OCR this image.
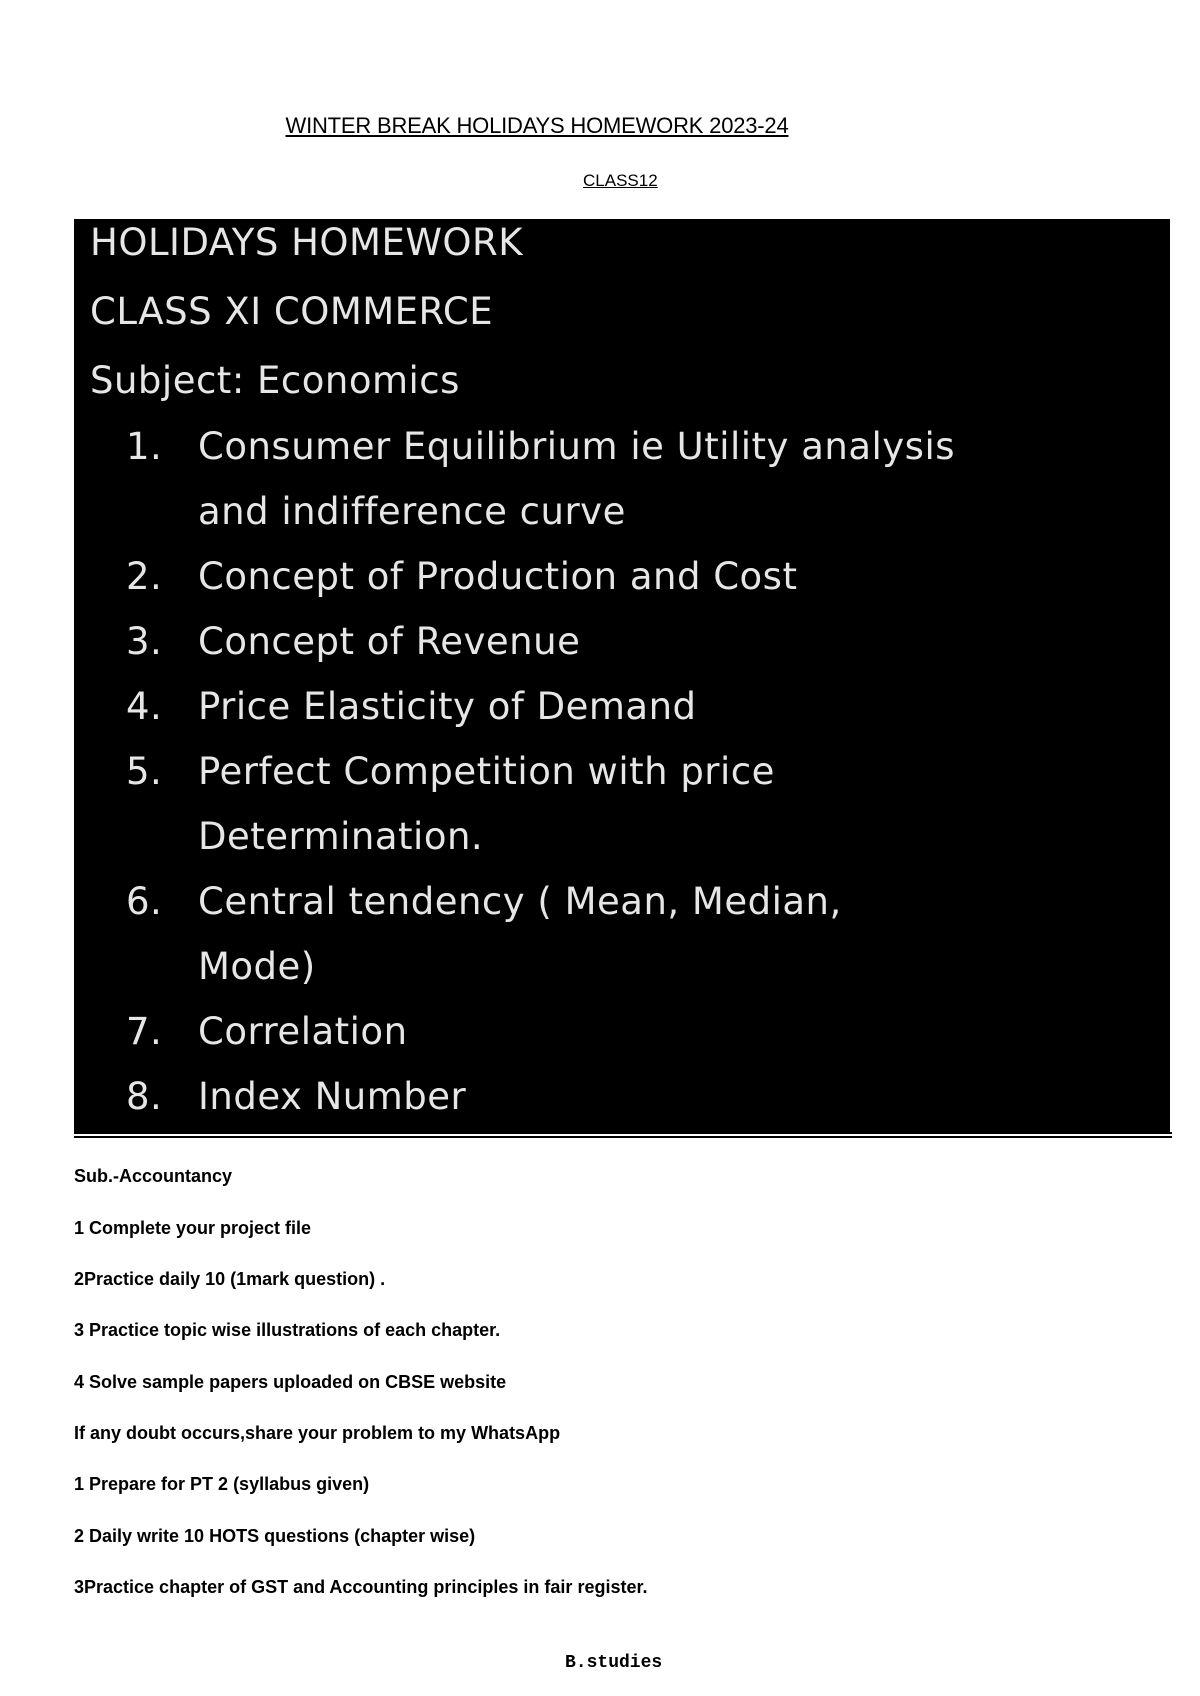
WINTER BREAK HOLIDAYS HOMEWORK 2023-24
CLASS12
HOLIDAYS HOMEWORK
CLASS XI COMMERCE
Subject: Economics
1. Consumer Equilibrium ie Utility analysis
and indifference curve
2. Concept of Production and Cost
3. Concept of Revenue
4. Price Elasticity of Demand
5. Perfect Competition with price
Determination.
6. Central tendency ( Mean, Median,
Mode)
7. Correlation
8. Index Number
Sub.-Accountancy
1 Complete your project file
2Practice daily 10 (1mark question) .
3 Practice topic wise illustrations of each chapter.
4 Solve sample papers uploaded on CBSE website
If any doubt occurs,share your problem to my WhatsApp
1 Prepare for PT 2 (syllabus given)
2 Daily write 10 HOTS questions (chapter wise)
3Practice chapter of GST and Accounting principles in fair register.
B.studies
